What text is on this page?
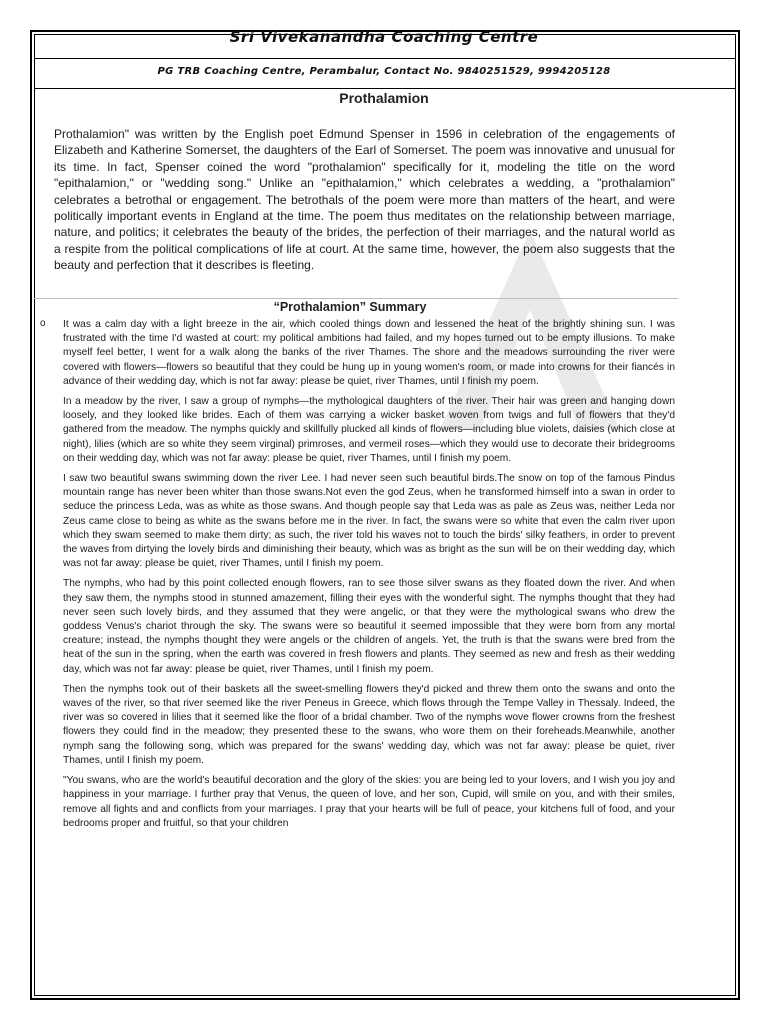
Sri Vivekanandha Coaching Centre
PG TRB Coaching Centre, Perambalur, Contact No. 9840251529, 9994205128
Prothalamion

Prothalamion" was written by the English poet Edmund Spenser in 1596 in celebration of the engagements of Elizabeth and Katherine Somerset, the daughters of the Earl of Somerset. The poem was innovative and unusual for its time. In fact, Spenser coined the word "prothalamion" specifically for it, modeling the title on the word "epithalamion," or "wedding song." Unlike an "epithalamion," which celebrates a wedding, a "prothalamion" celebrates a betrothal or engagement. The betrothals of the poem were more than matters of the heart, and were politically important events in England at the time. The poem thus meditates on the relationship between marriage, nature, and politics; it celebrates the beauty of the brides, the perfection of their marriages, and the natural world as a respite from the political complications of life at court. At the same time, however, the poem also suggests that the beauty and perfection that it describes is fleeting.

“Prothalamion” Summary
o It was a calm day with a light breeze in the air, which cooled things down and lessened the heat of the brightly shining sun. I was frustrated with the time I'd wasted at court: my political ambitions had failed, and my hopes turned out to be empty illusions. To make myself feel better, I went for a walk along the banks of the river Thames. The shore and the meadows surrounding the river were covered with flowers—flowers so beautiful that they could be hung up in young women's room, or made into crowns for their fiancés in advance of their wedding day, which is not far away: please be quiet, river Thames, until I finish my poem.

In a meadow by the river, I saw a group of nymphs—the mythological daughters of the river. Their hair was green and hanging down loosely, and they looked like brides. Each of them was carrying a wicker basket woven from twigs and full of flowers that they'd gathered from the meadow. The nymphs quickly and skillfully plucked all kinds of flowers—including blue violets, daisies (which close at night), lilies (which are so white they seem virginal) primroses, and vermeil roses—which they would use to decorate their bridegrooms on their wedding day, which was not far away: please be quiet, river Thames, until I finish my poem.

I saw two beautiful swans swimming down the river Lee. I had never seen such beautiful birds.The snow on top of the famous Pindus mountain range has never been whiter than those swans.Not even the god Zeus, when he transformed himself into a swan in order to seduce the princess Leda, was as white as those swans. And though people say that Leda was as pale as Zeus was, neither Leda nor Zeus came close to being as white as the swans before me in the river. In fact, the swans were so white that even the calm river upon which they swam seemed to make them dirty; as such, the river told his waves not to touch the birds' silky feathers, in order to prevent the waves from dirtying the lovely birds and diminishing their beauty, which was as bright as the sun will be on their wedding day, which was not far away: please be quiet, river Thames, until I finish my poem.

The nymphs, who had by this point collected enough flowers, ran to see those silver swans as they floated down the river. And when they saw them, the nymphs stood in stunned amazement, filling their eyes with the wonderful sight. The nymphs thought that they had never seen such lovely birds, and they assumed that they were angelic, or that they were the mythological swans who drew the goddess Venus's chariot through the sky. The swans were so beautiful it seemed impossible that they were born from any mortal creature; instead, the nymphs thought they were angels or the children of angels. Yet, the truth is that the swans were bred from the heat of the sun in the spring, when the earth was covered in fresh flowers and plants. They seemed as new and fresh as their wedding day, which was not far away: please be quiet, river Thames, until I finish my poem.

Then the nymphs took out of their baskets all the sweet-smelling flowers they'd picked and threw them onto the swans and onto the waves of the river, so that river seemed like the river Peneus in Greece, which flows through the Tempe Valley in Thessaly. Indeed, the river was so covered in lilies that it seemed like the floor of a bridal chamber. Two of the nymphs wove flower crowns from the freshest flowers they could find in the meadow; they presented these to the swans, who wore them on their foreheads.Meanwhile, another nymph sang the following song, which was prepared for the swans' wedding day, which was not far away: please be quiet, river Thames, until I finish my poem.

"You swans, who are the world's beautiful decoration and the glory of the skies: you are being led to your lovers, and I wish you joy and happiness in your marriage. I further pray that Venus, the queen of love, and her son, Cupid, will smile on you, and with their smiles, remove all fights and and conflicts from your marriages. I pray that your hearts will be full of peace, your kitchens full of food, and your bedrooms proper and fruitful, so that your children
